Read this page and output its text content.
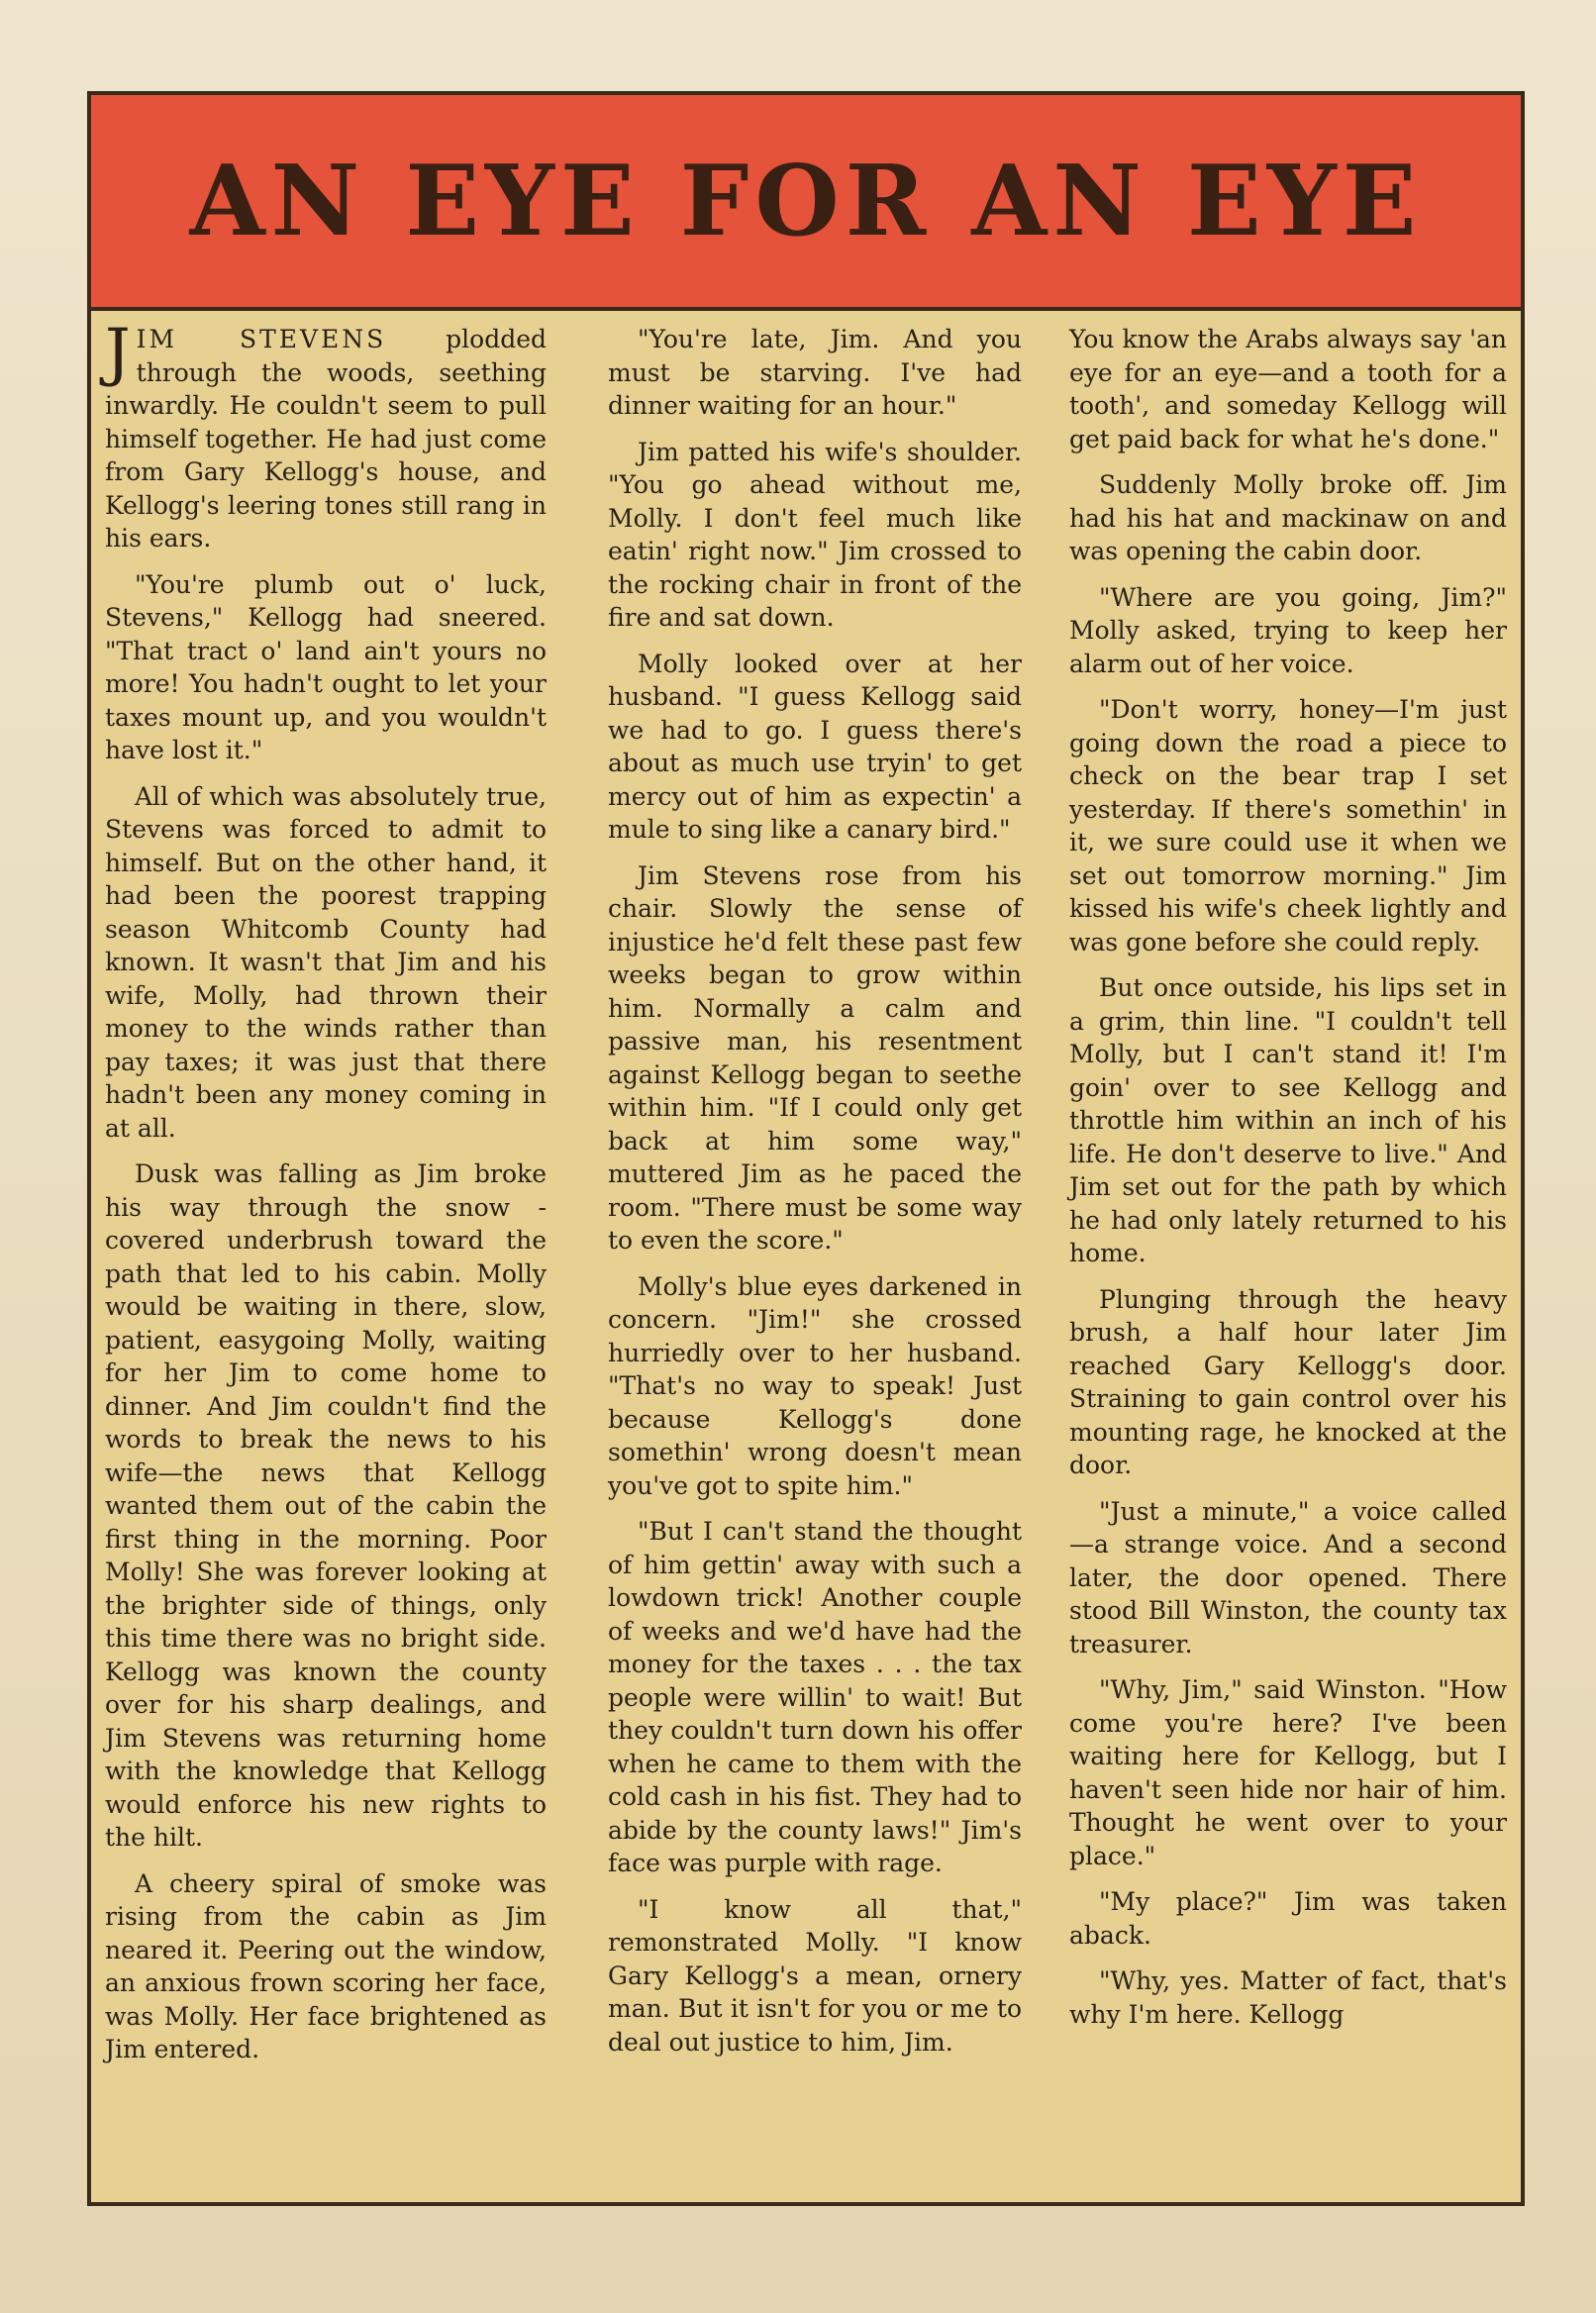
AN EYE FOR AN EYE

JIM STEVENS plodded through the woods, seething inwardly. He couldn't seem to pull himself together. He had just come from Gary Kellogg's house, and Kellogg's leering tones still rang in his ears.

"You're plumb out o' luck, Stevens," Kellogg had sneered. "That tract o' land ain't yours no more! You hadn't ought to let your taxes mount up, and you wouldn't have lost it."

All of which was absolutely true, Stevens was forced to admit to himself. But on the other hand, it had been the poorest trapping season Whitcomb County had known. It wasn't that Jim and his wife, Molly, had thrown their money to the winds rather than pay taxes; it was just that there hadn't been any money coming in at all.

Dusk was falling as Jim broke his way through the snow - covered underbrush toward the path that led to his cabin. Molly would be waiting in there, slow, patient, easygoing Molly, waiting for her Jim to come home to dinner. And Jim couldn't find the words to break the news to his wife—the news that Kellogg wanted them out of the cabin the first thing in the morning. Poor Molly! She was forever looking at the brighter side of things, only this time there was no bright side. Kellogg was known the county over for his sharp dealings, and Jim Stevens was returning home with the knowledge that Kellogg would enforce his new rights to the hilt.

A cheery spiral of smoke was rising from the cabin as Jim neared it. Peering out the window, an anxious frown scoring her face, was Molly. Her face brightened as Jim entered.

"You're late, Jim. And you must be starving. I've had dinner waiting for an hour."

Jim patted his wife's shoulder. "You go ahead without me, Molly. I don't feel much like eatin' right now." Jim crossed to the rocking chair in front of the fire and sat down.

Molly looked over at her husband. "I guess Kellogg said we had to go. I guess there's about as much use tryin' to get mercy out of him as expectin' a mule to sing like a canary bird."

Jim Stevens rose from his chair. Slowly the sense of injustice he'd felt these past few weeks began to grow within him. Normally a calm and passive man, his resentment against Kellogg began to seethe within him. "If I could only get back at him some way," muttered Jim as he paced the room. "There must be some way to even the score."

Molly's blue eyes darkened in concern. "Jim!" she crossed hurriedly over to her husband. "That's no way to speak! Just because Kellogg's done somethin' wrong doesn't mean you've got to spite him."

"But I can't stand the thought of him gettin' away with such a lowdown trick! Another couple of weeks and we'd have had the money for the taxes . . . the tax people were willin' to wait! But they couldn't turn down his offer when he came to them with the cold cash in his fist. They had to abide by the county laws!" Jim's face was purple with rage.

"I know all that," remonstrated Molly. "I know Gary Kellogg's a mean, ornery man. But it isn't for you or me to deal out justice to him, Jim.

You know the Arabs always say 'an eye for an eye—and a tooth for a tooth', and someday Kellogg will get paid back for what he's done."

Suddenly Molly broke off. Jim had his hat and mackinaw on and was opening the cabin door.

"Where are you going, Jim?" Molly asked, trying to keep her alarm out of her voice.

"Don't worry, honey—I'm just going down the road a piece to check on the bear trap I set yesterday. If there's somethin' in it, we sure could use it when we set out tomorrow morning." Jim kissed his wife's cheek lightly and was gone before she could reply.

But once outside, his lips set in a grim, thin line. "I couldn't tell Molly, but I can't stand it! I'm goin' over to see Kellogg and throttle him within an inch of his life. He don't deserve to live." And Jim set out for the path by which he had only lately returned to his home.

Plunging through the heavy brush, a half hour later Jim reached Gary Kellogg's door. Straining to gain control over his mounting rage, he knocked at the door.

"Just a minute," a voice called —a strange voice. And a second later, the door opened. There stood Bill Winston, the county tax treasurer.

"Why, Jim," said Winston. "How come you're here? I've been waiting here for Kellogg, but I haven't seen hide nor hair of him. Thought he went over to your place."

"My place?" Jim was taken aback.

"Why, yes. Matter of fact, that's why I'm here. Kellogg
